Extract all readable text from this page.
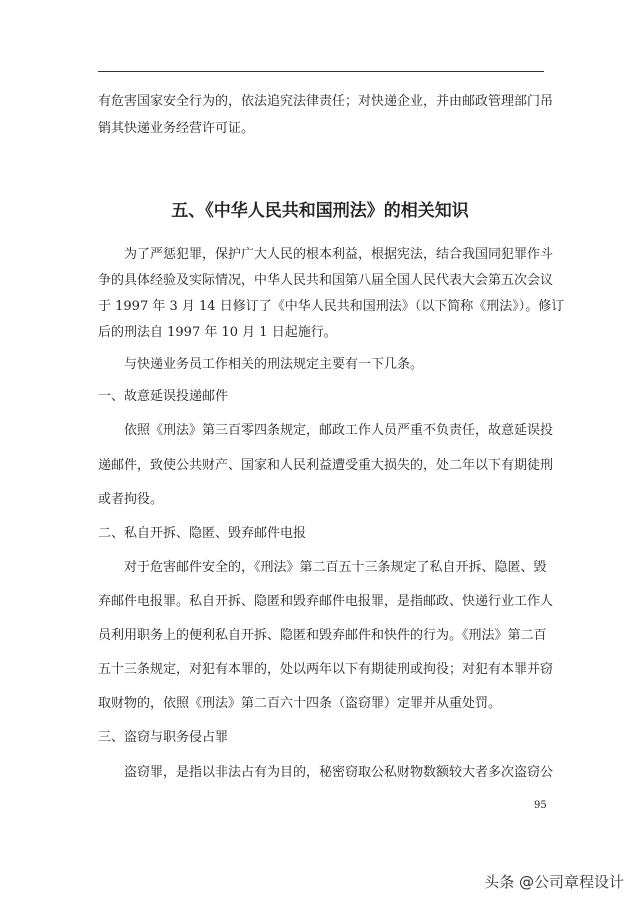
有危害国家安全行为的，依法追究法律责任；对快递企业，并由邮政管理部门吊
销其快递业务经营许可证。
五、《中华人民共和国刑法》的相关知识
为了严惩犯罪，保护广大人民的根本利益，根据宪法，结合我国同犯罪作斗
争的具体经验及实际情况，中华人民共和国第八届全国人民代表大会第五次会议
于 1997 年 3 月 14 日修订了《中华人民共和国刑法》（以下简称《刑法》）。修订
后的刑法自 1997 年 10 月 1 日起施行。
与快递业务员工作相关的刑法规定主要有一下几条。
一、故意延误投递邮件
依照《刑法》第三百零四条规定，邮政工作人员严重不负责任，故意延误投
递邮件，致使公共财产、国家和人民利益遭受重大损失的，处二年以下有期徒刑
或者拘役。
二、私自开拆、隐匿、毁弃邮件电报
对于危害邮件安全的，《刑法》第二百五十三条规定了私自开拆、隐匿、毁
弃邮件电报罪。私自开拆、隐匿和毁弃邮件电报罪，是指邮政、快递行业工作人
员利用职务上的便利私自开拆、隐匿和毁弃邮件和快件的行为。《刑法》第二百
五十三条规定，对犯有本罪的，处以两年以下有期徒刑或拘役；对犯有本罪并窃
取财物的，依照《刑法》第二百六十四条（盗窃罪）定罪并从重处罚。
三、盗窃与职务侵占罪
盗窃罪，是指以非法占有为目的，秘密窃取公私财物数额较大者多次盗窃公
95
头条 @公司章程设计
